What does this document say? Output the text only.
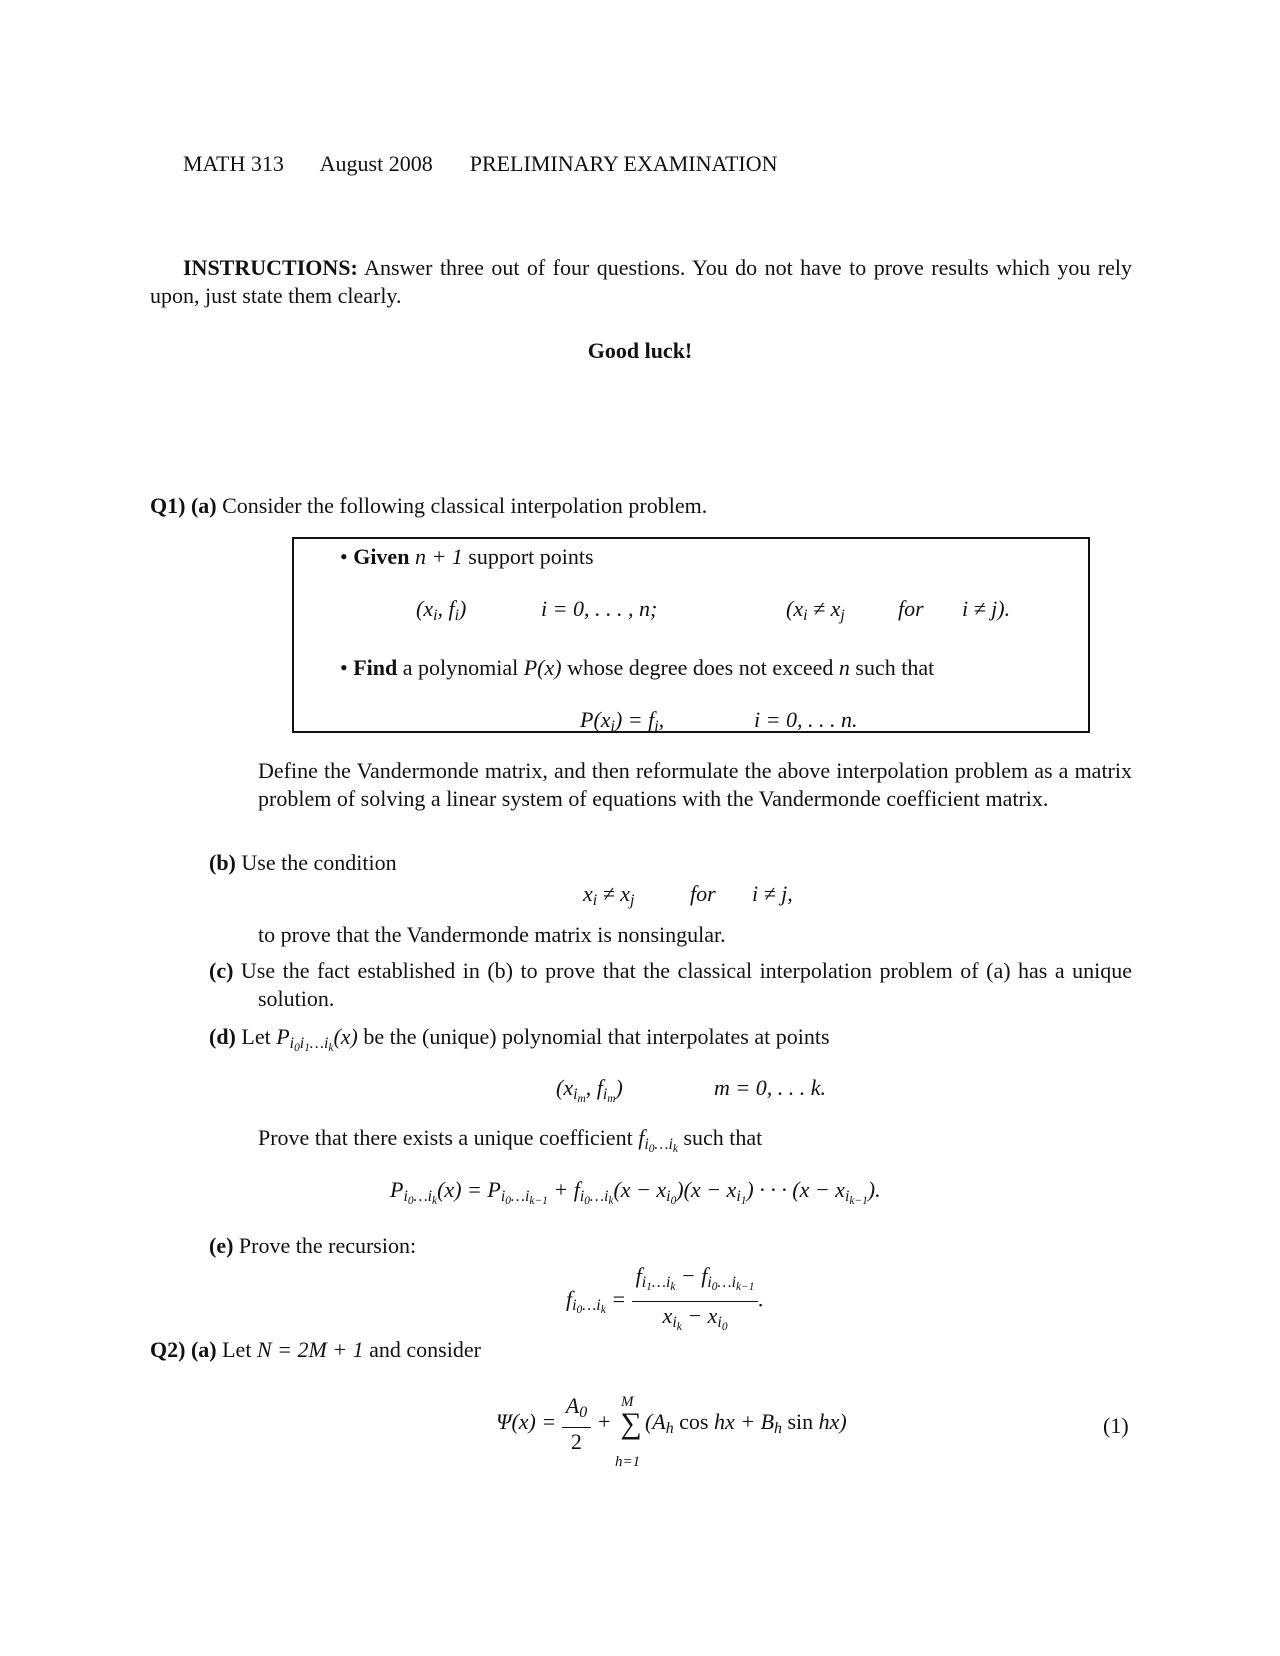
MATH 313 August 2008 PRELIMINARY EXAMINATION
INSTRUCTIONS: Answer three out of four questions. You do not have to prove results which you rely upon, just state them clearly.
Good luck!
Q1) (a) Consider the following classical interpolation problem.
• Given n + 1 support points
($x_i$, $f_i$)	i = 0, . . . , n;	($x_i \ne x_j$ for i ≠ j).
• Find a polynomial P(x) whose degree does not exceed n such that
$P(x_i) = f_i$,	i = 0, . . . n.
Define the Vandermonde matrix, and then reformulate the above interpolation problem as a matrix problem of solving a linear system of equations with the Vandermonde coefficient matrix.
(b) Use the condition
$x_i \ne x_j$	for i ≠ j,
to prove that the Vandermonde matrix is nonsingular.
(c) Use the fact established in (b) to prove that the classical interpolation problem of (a) has a unique solution.
(d) Let $P_{i_0i_1\dots i_k}(x)$ be the (unique) polynomial that interpolates at points
($x_{i_m}$, $f_{i_m}$)	m = 0, . . . k.
Prove that there exists a unique coefficient $f_{i_0\dots i_k}$ such that
$P_{i_0\dots i_k}(x) = P_{i_0\dots i_{k-1}} + f_{i_0\dots i_k}(x - x_{i_0})(x - x_{i_1})$ · · · $(x - x_{i_{k-1}})$.
(e) Prove the recursion:
$f_{i_0\dots i_k} = \frac{f_{i_1\dots i_k} - f_{i_0\dots i_{k-1}}}{x_{i_k} - x_{i_0}}$ .
Q2) (a) Let N = 2M + 1 and consider
$\Psi(x) = \frac{A_0}{2}$ + ∑
M
h=1
($A_h$ cos hx + $B_h$ sin hx)	(1)
